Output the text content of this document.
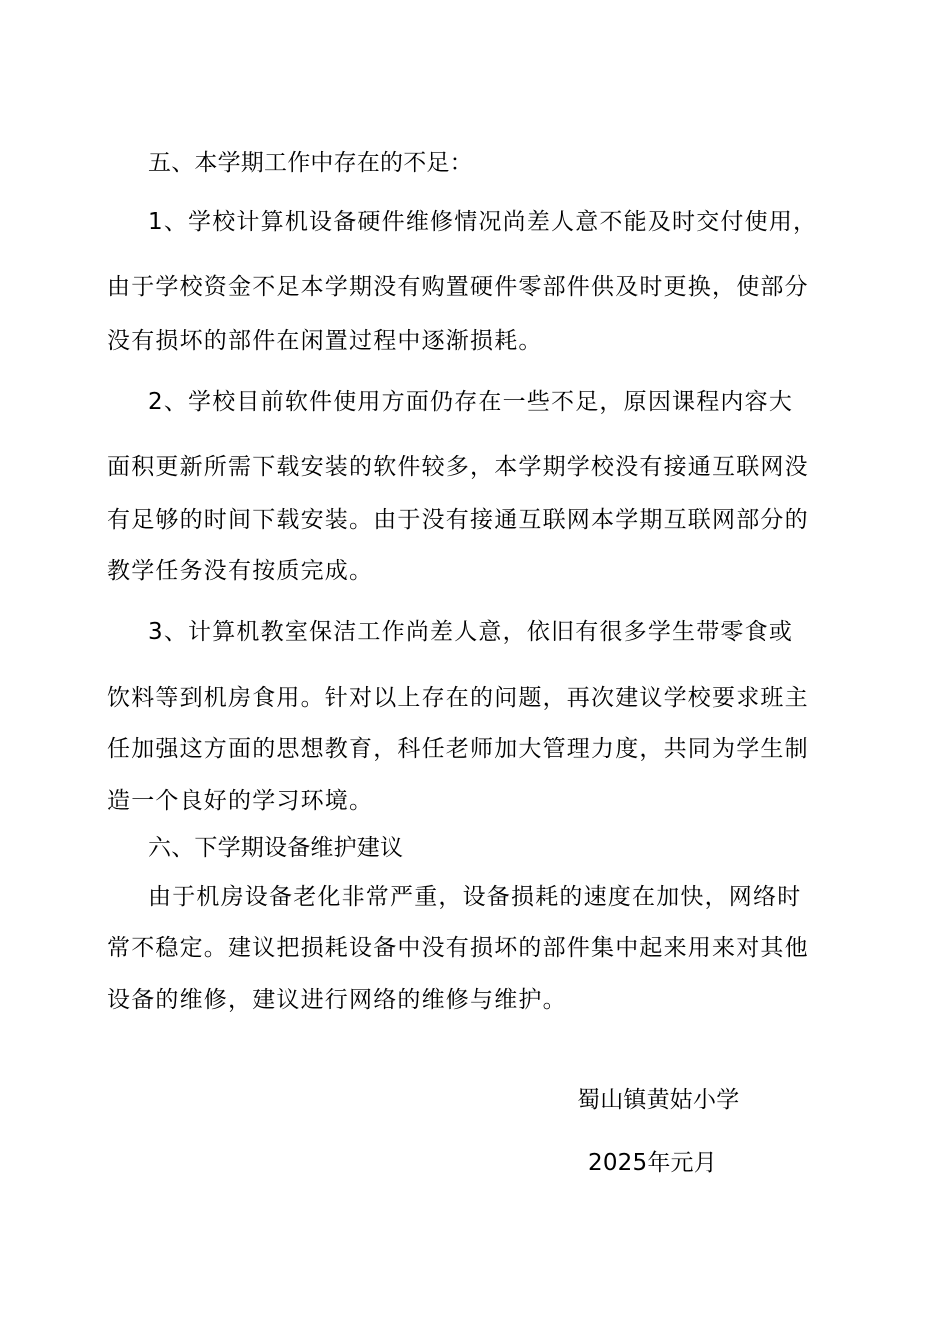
五、本学期工作中存在的不足：
1、学校计算机设备硬件维修情况尚差人意不能及时交付使用，
由于学校资金不足本学期没有购置硬件零部件供及时更换，使部分
没有损坏的部件在闲置过程中逐渐损耗。
2、学校目前软件使用方面仍存在一些不足，原因课程内容大
面积更新所需下载安装的软件较多，本学期学校没有接通互联网没
有足够的时间下载安装。由于没有接通互联网本学期互联网部分的
教学任务没有按质完成。
3、计算机教室保洁工作尚差人意，依旧有很多学生带零食或
饮料等到机房食用。针对以上存在的问题，再次建议学校要求班主
任加强这方面的思想教育，科任老师加大管理力度，共同为学生制
造一个良好的学习环境。
六、下学期设备维护建议
由于机房设备老化非常严重，设备损耗的速度在加快，网络时
常不稳定。建议把损耗设备中没有损坏的部件集中起来用来对其他
设备的维修，建议进行网络的维修与维护。
蜀山镇黄姑小学
2025年元月
